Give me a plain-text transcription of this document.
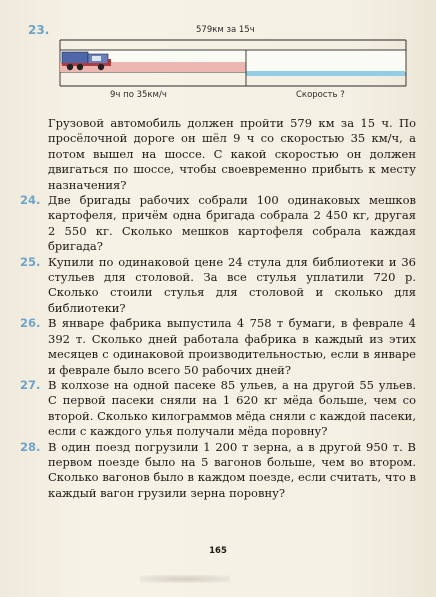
23.	579км за 15ч
9ч по 35км/ч	Скорость ?

Грузовой автомобиль должен пройти 579 км за 15 ч. По просёлочной дороге он шёл 9 ч со скоростью 35 км/ч, а потом вышел на шоссе. С какой скоростью он должен двигаться по шоссе, чтобы своевременно прибыть к месту назначения?

24. Две бригады рабочих собрали 100 одинаковых мешков картофеля, причём одна бригада собрала 2 450 кг, другая 2 550 кг. Сколько мешков картофеля собрала каждая бригада?

25. Купили по одинаковой цене 24 стула для библиотеки и 36 стульев для столовой. За все стулья уплатили 720 р. Сколько стоили стулья для столовой и сколько для библиотеки?

26. В январе фабрика выпустила 4 758 т бумаги, в феврале 4 392 т. Сколько дней работала фабрика в каждый из этих месяцев с одинаковой производительностью, если в январе и феврале было всего 50 рабочих дней?

27. В колхозе на одной пасеке 85 ульев, а на другой 55 ульев. С первой пасеки сняли на 1 620 кг мёда больше, чем со второй. Сколько килограммов мёда сняли с каждой пасеки, если с каждого улья получали мёда поровну?

28. В один поезд погрузили 1 200 т зерна, а в другой 950 т. В первом поезде было на 5 вагонов больше, чем во втором. Сколько вагонов было в каждом поезде, если считать, что в каждый вагон грузили зерна поровну?

165
